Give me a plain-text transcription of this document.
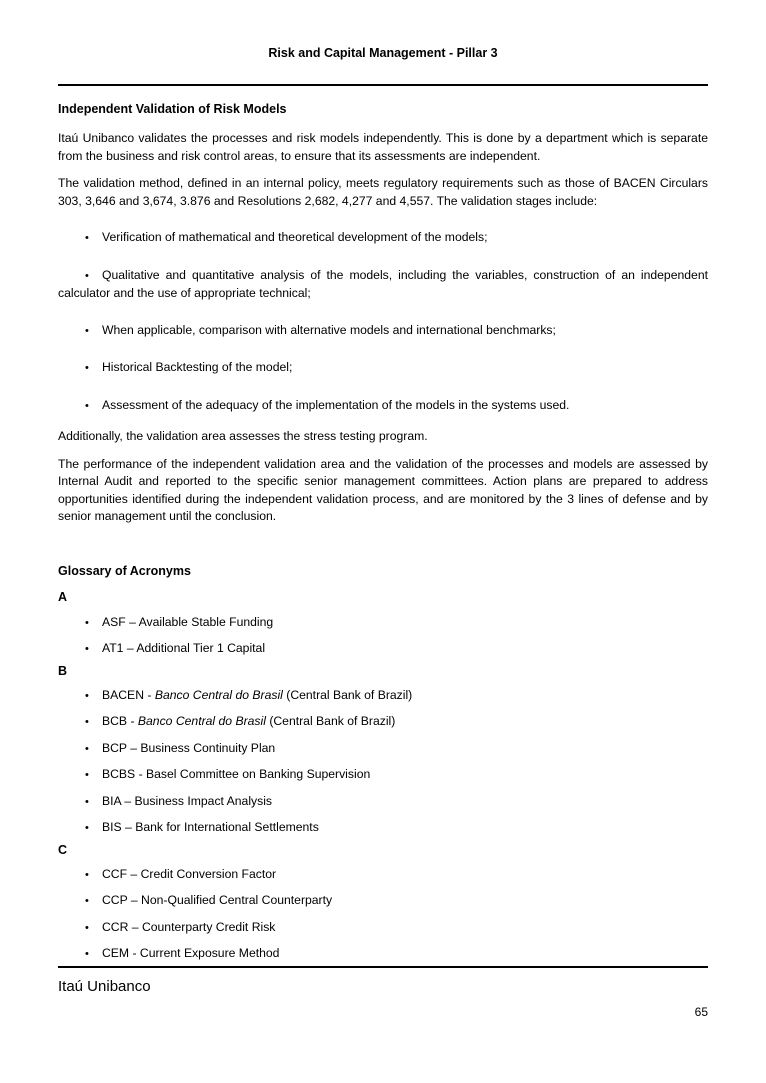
Risk and Capital Management - Pillar 3
Independent Validation of Risk Models

Itaú Unibanco validates the processes and risk models independently. This is done by a department which is separate from the business and risk control areas, to ensure that its assessments are independent.

The validation method, defined in an internal policy, meets regulatory requirements such as those of BACEN Circulars 303, 3,646 and 3,674, 3.876 and Resolutions 2,682, 4,277 and 4,557. The validation stages include:

• Verification of mathematical and theoretical development of the models;
• Qualitative and quantitative analysis of the models, including the variables, construction of an independent calculator and the use of appropriate technical;
• When applicable, comparison with alternative models and international benchmarks;
• Historical Backtesting of the model;
• Assessment of the adequacy of the implementation of the models in the systems used.

Additionally, the validation area assesses the stress testing program.

The performance of the independent validation area and the validation of the processes and models are assessed by Internal Audit and reported to the specific senior management committees. Action plans are prepared to address opportunities identified during the independent validation process, and are monitored by the 3 lines of defense and by senior management until the conclusion.

Glossary of Acronyms
A
• ASF – Available Stable Funding
• AT1 – Additional Tier 1 Capital
B
• BACEN - Banco Central do Brasil (Central Bank of Brazil)
• BCB - Banco Central do Brasil (Central Bank of Brazil)
• BCP – Business Continuity Plan
• BCBS - Basel Committee on Banking Supervision
• BIA – Business Impact Analysis
• BIS – Bank for International Settlements
C
• CCF – Credit Conversion Factor
• CCP – Non-Qualified Central Counterparty
• CCR – Counterparty Credit Risk
• CEM - Current Exposure Method
Itaú Unibanco
65
